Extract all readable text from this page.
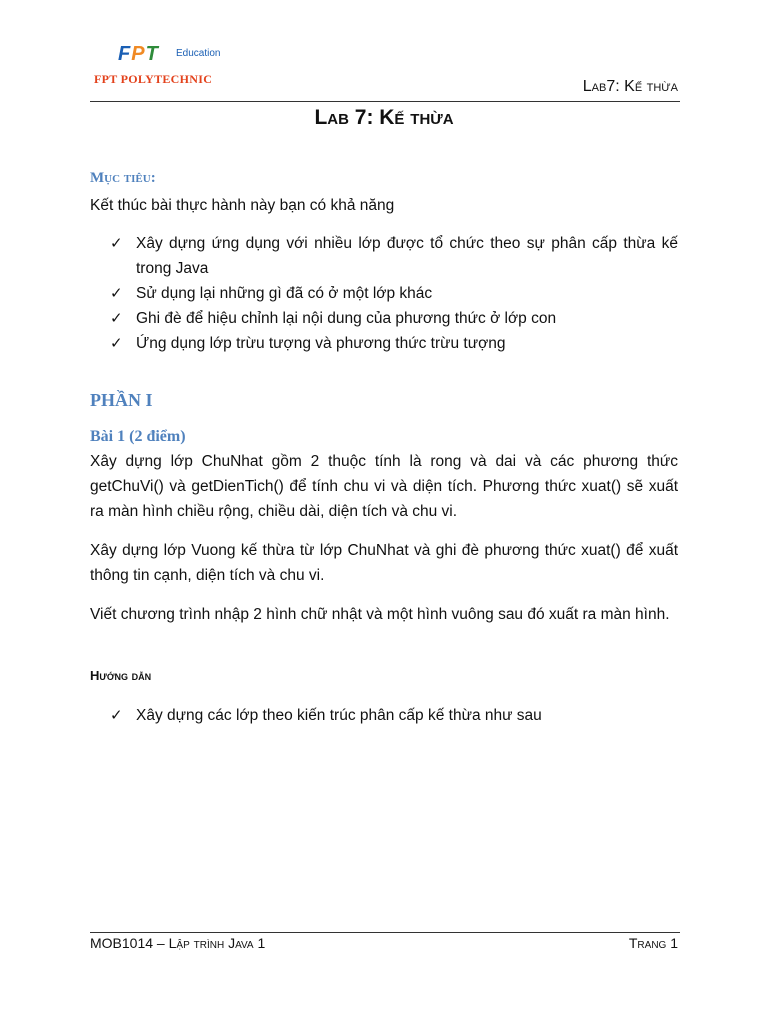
FPT Education
FPT POLYTECHNIC	Lab7: Kế thừa
Lab 7: Kế thừa
Mục tiêu:

Kết thúc bài thực hành này bạn có khả năng

✓ Xây dựng ứng dụng với nhiều lớp được tổ chức theo sự phân cấp thừa kế trong Java
✓ Sử dụng lại những gì đã có ở một lớp khác
✓ Ghi đè để hiệu chỉnh lại nội dung của phương thức ở lớp con
✓ Ứng dụng lớp trừu tượng và phương thức trừu tượng
PHẦN I
Bài 1 (2 điểm)

Xây dựng lớp ChuNhat gồm 2 thuộc tính là rong và dai và các phương thức getChuVi() và getDienTich() để tính chu vi và diện tích. Phương thức xuat() sẽ xuất ra màn hình chiều rộng, chiều dài, diện tích và chu vi.

Xây dựng lớp Vuong kế thừa từ lớp ChuNhat và ghi đè phương thức xuat() để xuất thông tin cạnh, diện tích và chu vi.

Viết chương trình nhập 2 hình chữ nhật và một hình vuông sau đó xuất ra màn hình.

Hướng dẫn
✓ Xây dựng các lớp theo kiến trúc phân cấp kế thừa như sau
MOB1014 – Lập trình Java 1	Trang 1
